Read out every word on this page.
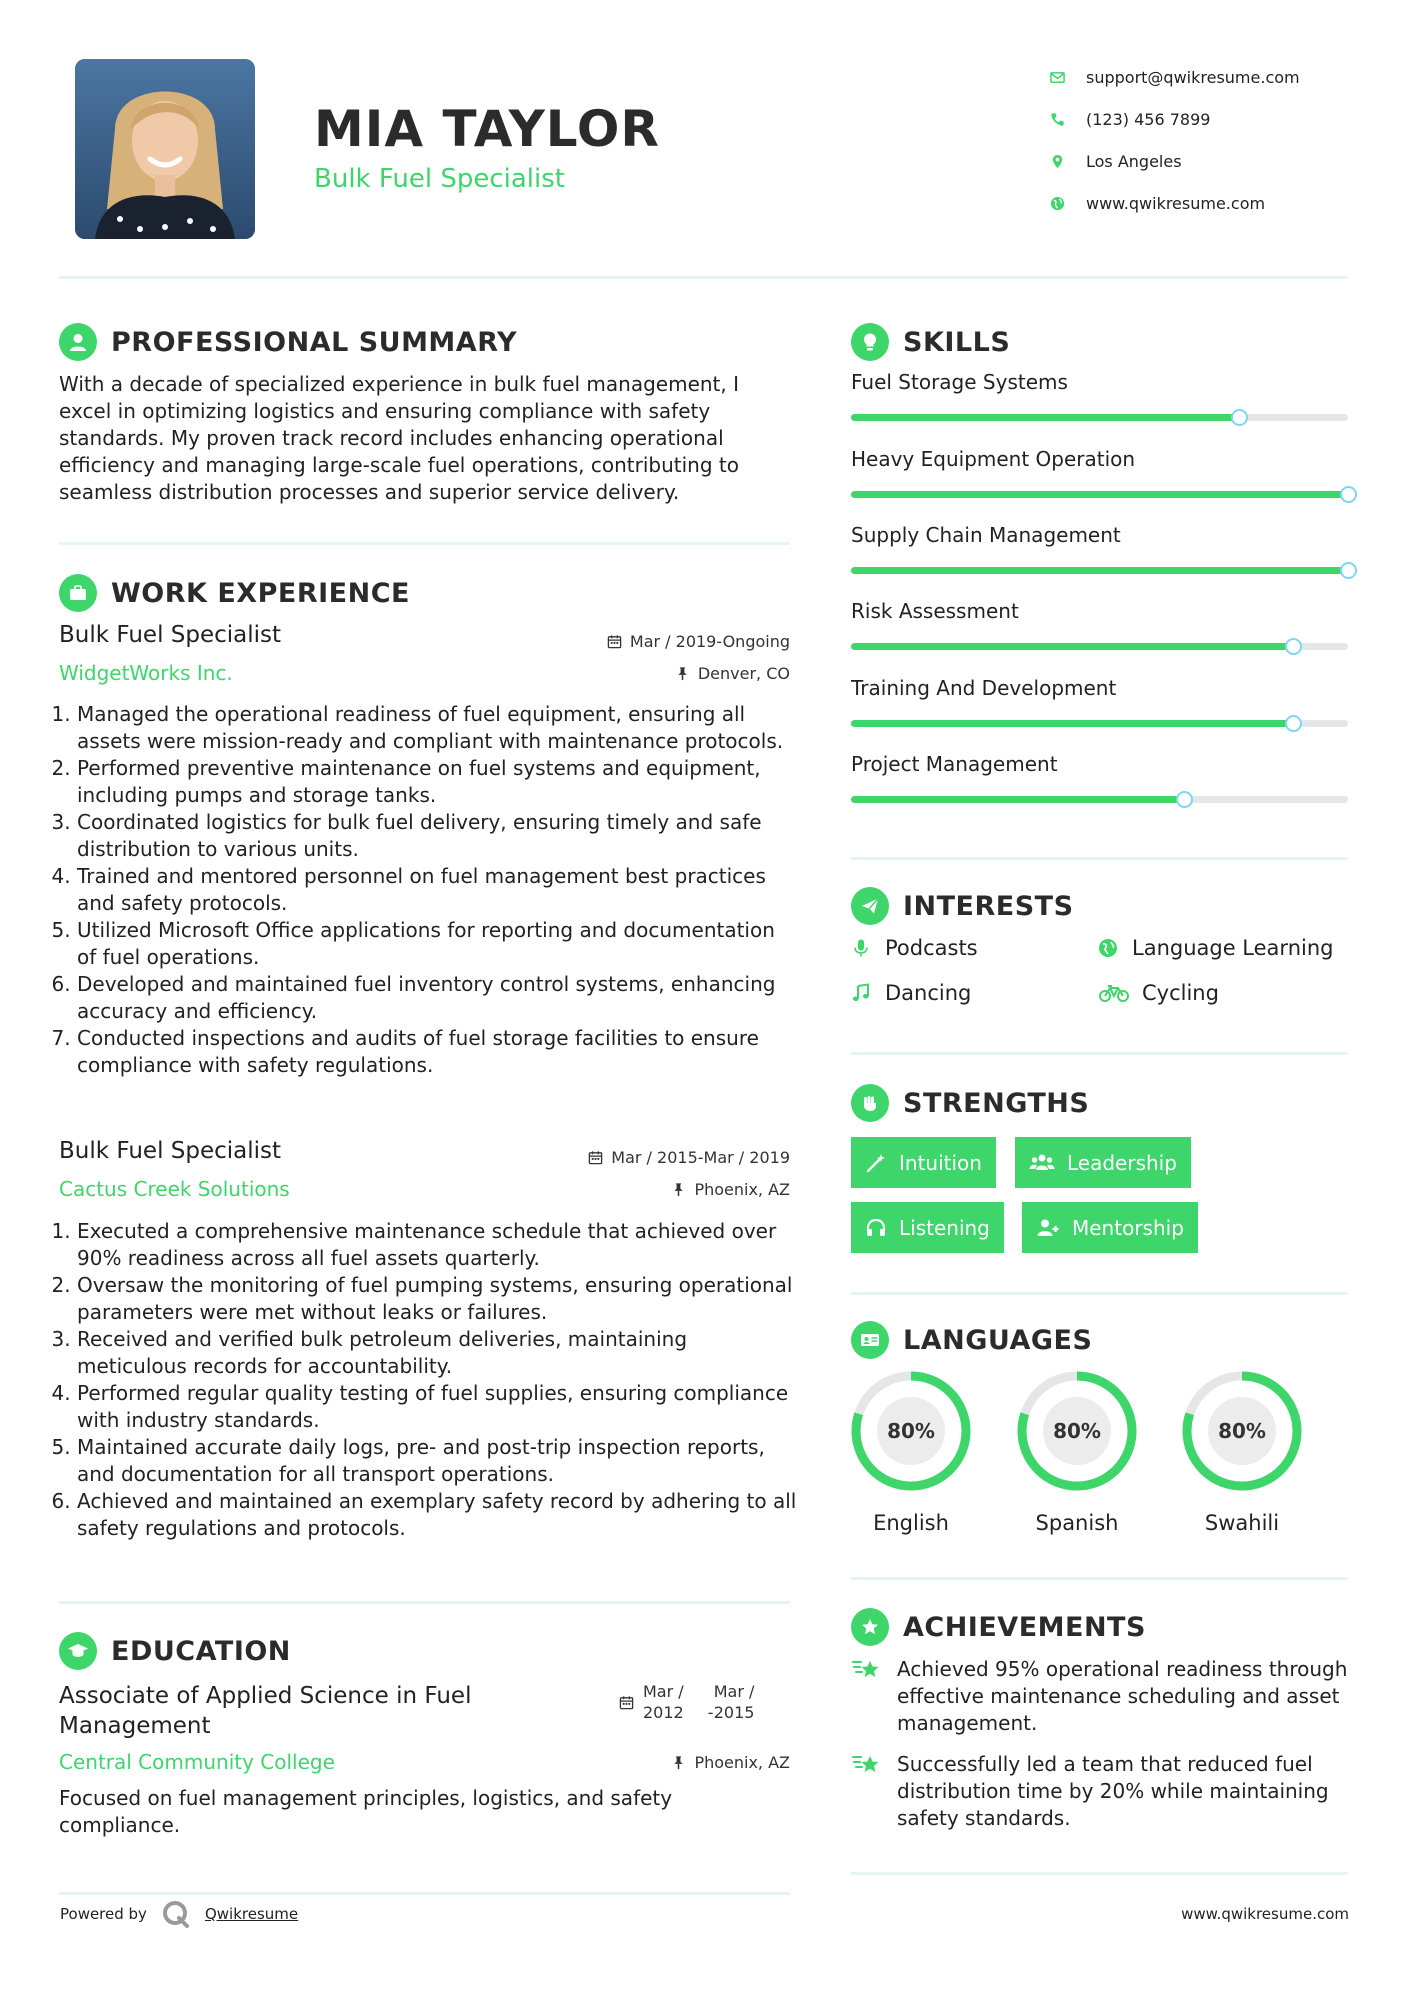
MIA TAYLOR
Bulk Fuel Specialist
support@qwikresume.com
(123) 456 7899
Los Angeles
www.qwikresume.com
PROFESSIONAL SUMMARY
With a decade of specialized experience in bulk fuel management, I excel in optimizing logistics and ensuring compliance with safety standards. My proven track record includes enhancing operational efficiency and managing large-scale fuel operations, contributing to seamless distribution processes and superior service delivery.
WORK EXPERIENCE
Bulk Fuel Specialist	Mar / 2019-Ongoing
WidgetWorks Inc.	Denver, CO
1. Managed the operational readiness of fuel equipment, ensuring all assets were mission-ready and compliant with maintenance protocols.
2. Performed preventive maintenance on fuel systems and equipment, including pumps and storage tanks.
3. Coordinated logistics for bulk fuel delivery, ensuring timely and safe distribution to various units.
4. Trained and mentored personnel on fuel management best practices and safety protocols.
5. Utilized Microsoft Office applications for reporting and documentation of fuel operations.
6. Developed and maintained fuel inventory control systems, enhancing accuracy and efficiency.
7. Conducted inspections and audits of fuel storage facilities to ensure compliance with safety regulations.
Bulk Fuel Specialist	Mar / 2015-Mar / 2019
Cactus Creek Solutions	Phoenix, AZ
1. Executed a comprehensive maintenance schedule that achieved over 90% readiness across all fuel assets quarterly.
2. Oversaw the monitoring of fuel pumping systems, ensuring operational parameters were met without leaks or failures.
3. Received and verified bulk petroleum deliveries, maintaining meticulous records for accountability.
4. Performed regular quality testing of fuel supplies, ensuring compliance with industry standards.
5. Maintained accurate daily logs, pre- and post-trip inspection reports, and documentation for all transport operations.
6. Achieved and maintained an exemplary safety record by adhering to all safety regulations and protocols.
EDUCATION
Associate of Applied Science in Fuel Management
Mar /
2012
Mar /
- 2015
Central Community College	Phoenix, AZ
Focused on fuel management principles, logistics, and safety compliance.
SKILLS
Fuel Storage Systems
Heavy Equipment Operation
Supply Chain Management
Risk Assessment
Training And Development
Project Management
INTERESTS
Podcasts	Language Learning
Dancing	Cycling
STRENGTHS
Intuition	Leadership
Listening	Mentorship
LANGUAGES
80%
English
80%
Spanish
80%
Swahili
ACHIEVEMENTS
Achieved 95% operational readiness through effective maintenance scheduling and asset management.
Successfully led a team that reduced fuel distribution time by 20% while maintaining safety standards.
Powered by	Qwikresume	www.qwikresume.com
